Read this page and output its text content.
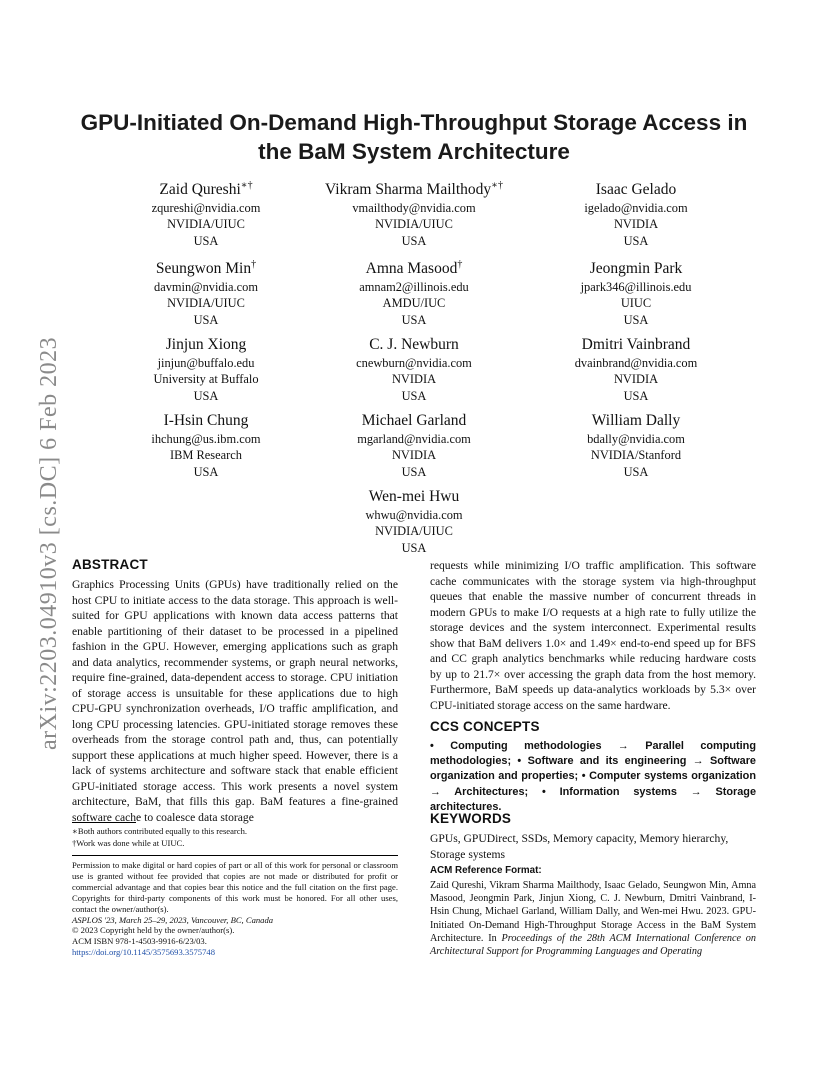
arXiv:2203.04910v3 [cs.DC] 6 Feb 2023
GPU-Initiated On-Demand High-Throughput Storage Access in
the BaM System Architecture
Zaid Qureshi∗†
zqureshi@nvidia.com
NVIDIA/UIUC
USA
Vikram Sharma Mailthody∗†
vmailthody@nvidia.com
NVIDIA/UIUC
USA
Isaac Gelado
igelado@nvidia.com
NVIDIA
USA
Seungwon Min†
davmin@nvidia.com
NVIDIA/UIUC
USA
Amna Masood†
amnam2@illinois.edu
AMDU/IUC
USA
Jeongmin Park
jpark346@illinois.edu
UIUC
USA
Jinjun Xiong
jinjun@buffalo.edu
University at Buffalo
USA
C. J. Newburn
cnewburn@nvidia.com
NVIDIA
USA
Dmitri Vainbrand
dvainbrand@nvidia.com
NVIDIA
USA
I-Hsin Chung
ihchung@us.ibm.com
IBM Research
USA
Michael Garland
mgarland@nvidia.com
NVIDIA
USA
William Dally
bdally@nvidia.com
NVIDIA/Stanford
USA
Wen-mei Hwu
whwu@nvidia.com
NVIDIA/UIUC
USA
ABSTRACT
Graphics Processing Units (GPUs) have traditionally relied on the host CPU to initiate access to the data storage. This approach is well-suited for GPU applications with known data access patterns that enable partitioning of their dataset to be processed in a pipelined fashion in the GPU. However, emerging applications such as graph and data analytics, recommender systems, or graph neural networks, require fine-grained, data-dependent access to storage. CPU initiation of storage access is unsuitable for these applications due to high CPU-GPU synchronization overheads, I/O traffic amplification, and long CPU processing latencies. GPU-initiated storage removes these overheads from the storage control path and, thus, can potentially support these applications at much higher speed. However, there is a lack of systems architecture and software stack that enable efficient GPU-initiated storage access. This work presents a novel system architecture, BaM, that fills this gap. BaM features a fine-grained software cache to coalesce data storage
requests while minimizing I/O traffic amplification. This software cache communicates with the storage system via high-throughput queues that enable the massive number of concurrent threads in modern GPUs to make I/O requests at a high rate to fully utilize the storage devices and the system interconnect. Experimental results show that BaM delivers 1.0× and 1.49× end-to-end speed up for BFS and CC graph analytics benchmarks while reducing hardware costs by up to 21.7× over accessing the graph data from the host memory. Furthermore, BaM speeds up data-analytics workloads by 5.3× over CPU-initiated storage access on the same hardware.
∗Both authors contributed equally to this research.
†Work was done while at UIUC.
Permission to make digital or hard copies of part or all of this work for personal or classroom use is granted without fee provided that copies are not made or distributed for profit or commercial advantage and that copies bear this notice and the full citation on the first page. Copyrights for third-party components of this work must be honored. For all other uses, contact the owner/author(s).
ASPLOS '23, March 25–29, 2023, Vancouver, BC, Canada
© 2023 Copyright held by the owner/author(s).
ACM ISBN 978-1-4503-9916-6/23/03.
https://doi.org/10.1145/3575693.3575748
CCS CONCEPTS
• Computing methodologies → Parallel computing methodologies; • Software and its engineering → Software organization and properties; • Computer systems organization → Architectures; • Information systems → Storage architectures.
KEYWORDS
GPUs, GPUDirect, SSDs, Memory capacity, Memory hierarchy, Storage systems
ACM Reference Format:
Zaid Qureshi, Vikram Sharma Mailthody, Isaac Gelado, Seungwon Min, Amna Masood, Jeongmin Park, Jinjun Xiong, C. J. Newburn, Dmitri Vainbrand, I-Hsin Chung, Michael Garland, William Dally, and Wen-mei Hwu. 2023. GPU-Initiated On-Demand High-Throughput Storage Access in the BaM System Architecture. In Proceedings of the 28th ACM International Conference on Architectural Support for Programming Languages and Operating
